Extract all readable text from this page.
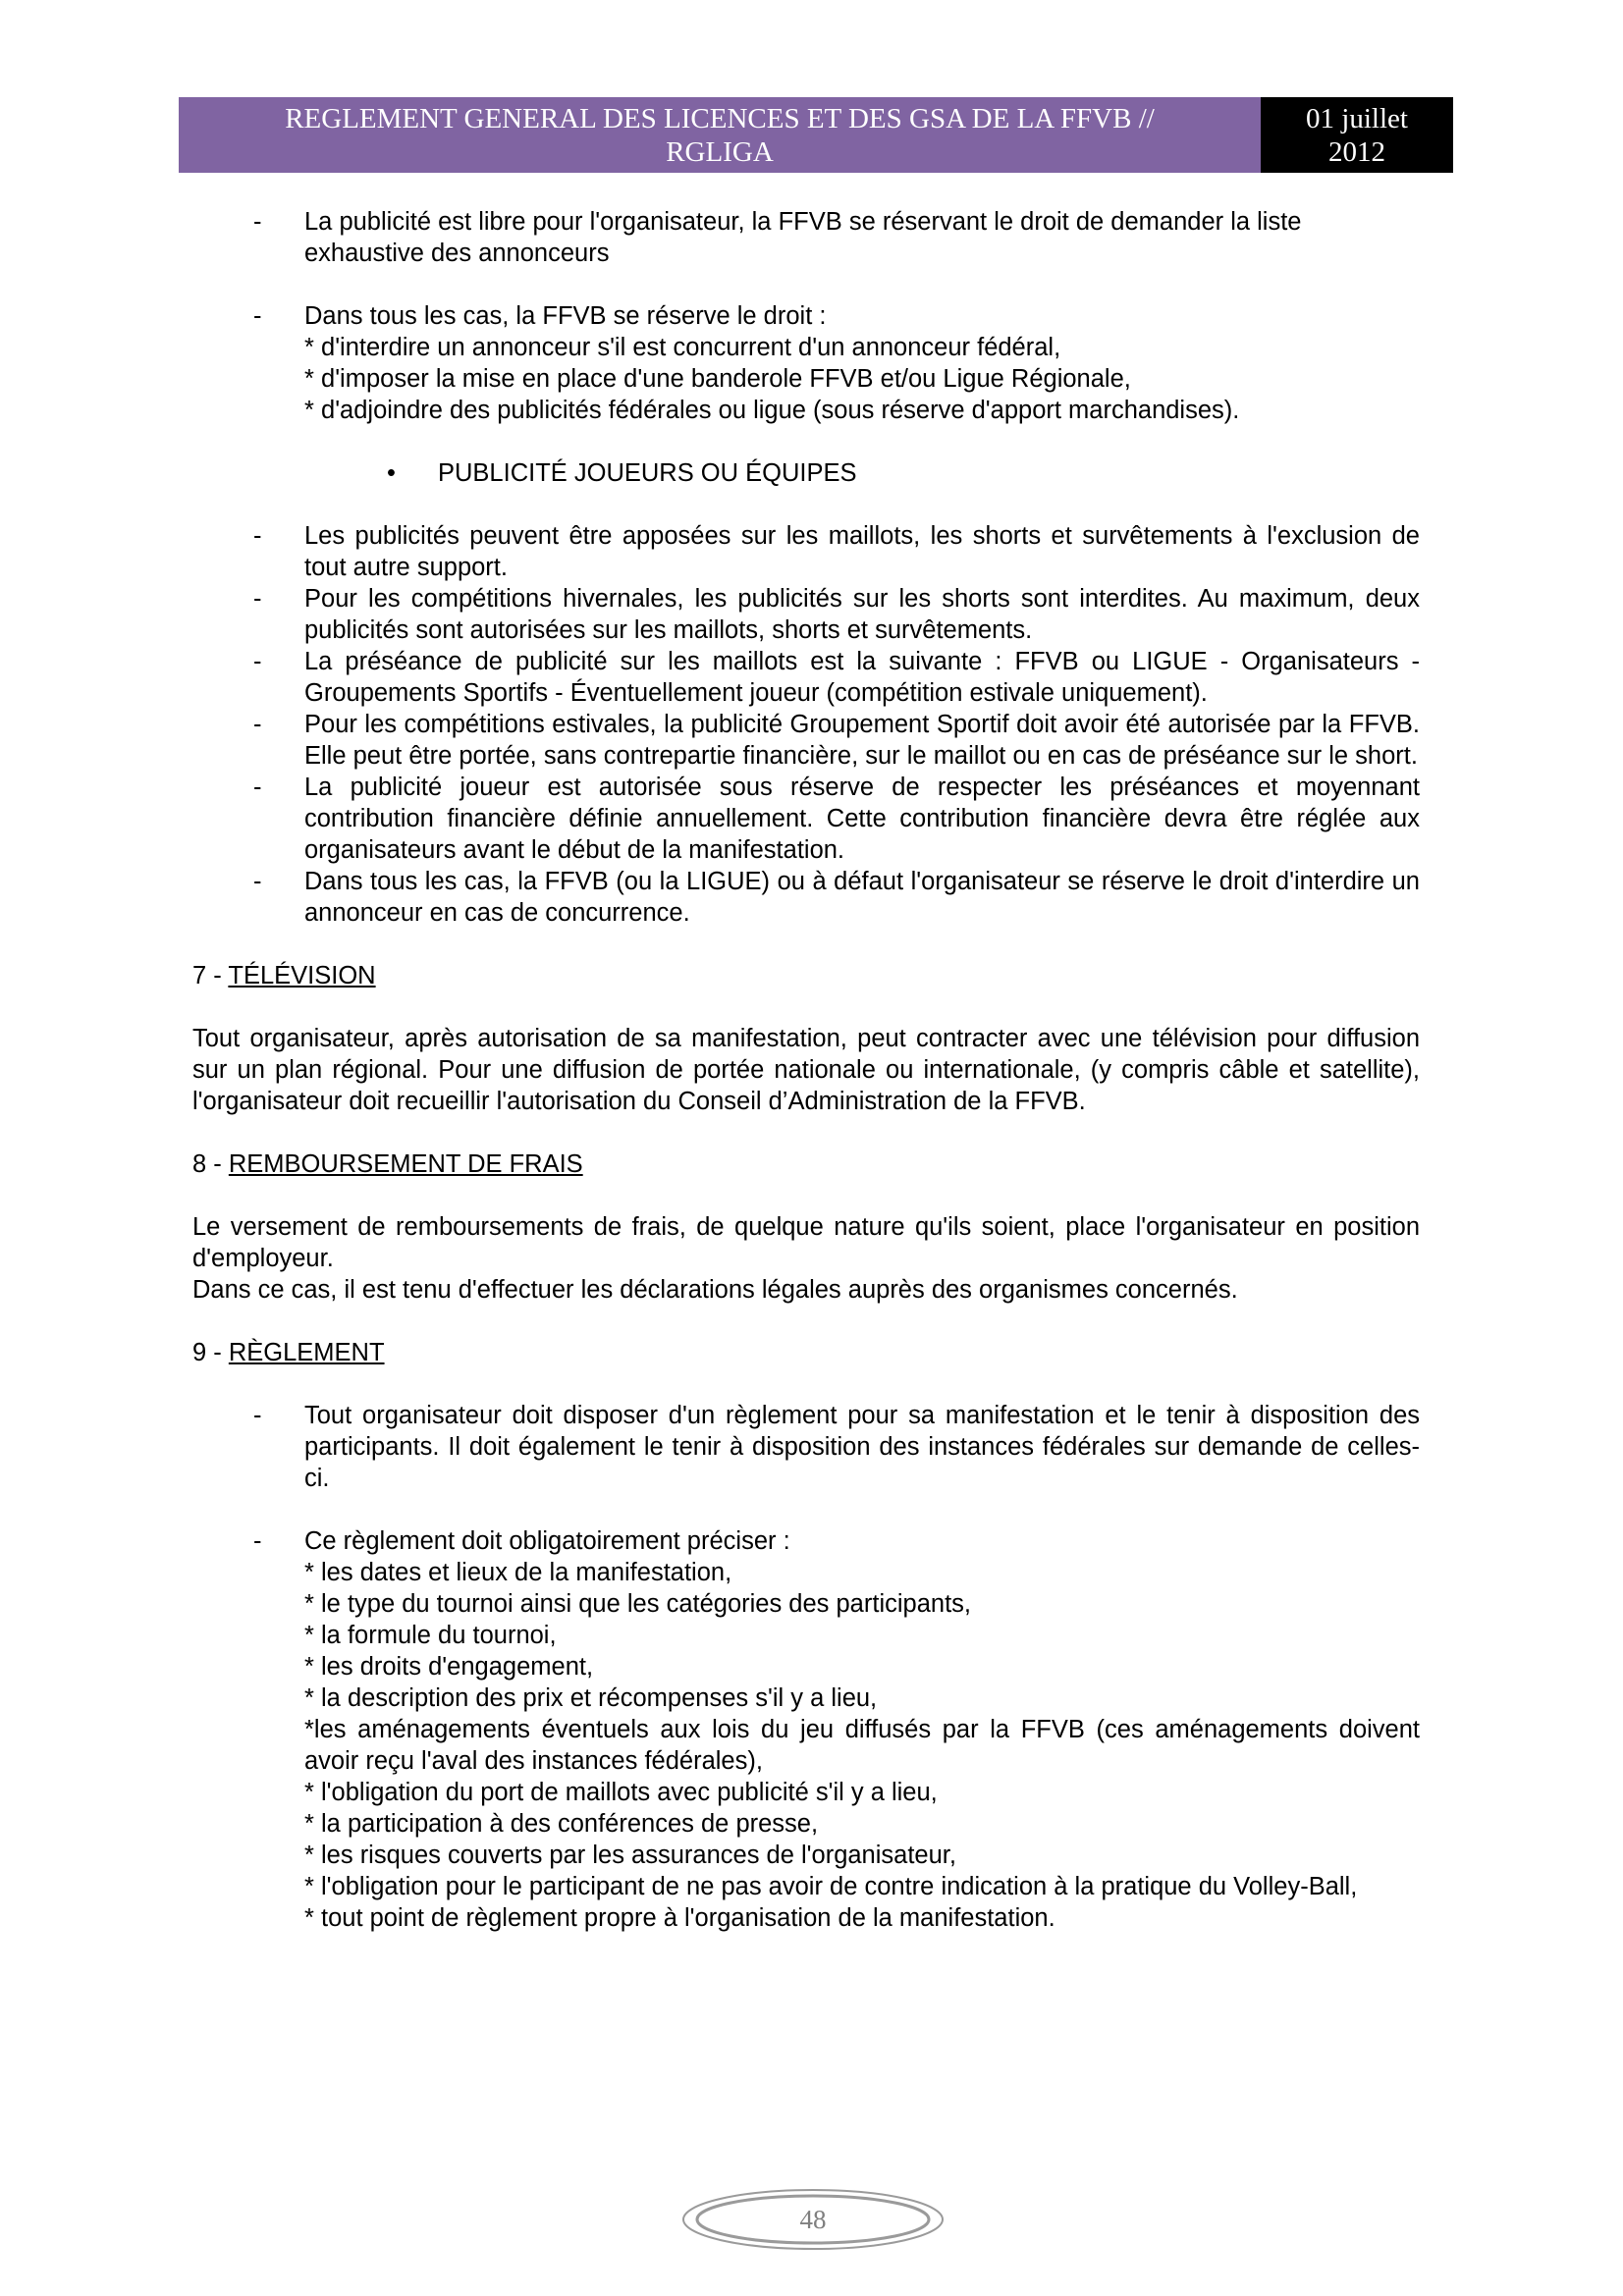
REGLEMENT GENERAL DES LICENCES ET DES GSA DE LA FFVB //
RGLIGA
01 juillet
2012
-	La publicité est libre pour l'organisateur, la FFVB se réservant le droit de demander la liste
exhaustive des annonceurs
-	Dans tous les cas, la FFVB se réserve le droit :
* d'interdire un annonceur s'il est concurrent d'un annonceur fédéral,
* d'imposer la mise en place d'une banderole FFVB et/ou Ligue Régionale,
* d'adjoindre des publicités fédérales ou ligue (sous réserve d'apport marchandises).
•	PUBLICITÉ JOUEURS OU ÉQUIPES
-	Les publicités peuvent être apposées sur les maillots, les shorts et survêtements à l'exclusion de tout autre support.

-	Pour les compétitions hivernales, les publicités sur les shorts sont interdites. Au maximum, deux publicités sont autorisées sur les maillots, shorts et survêtements.

-	La préséance de publicité sur les maillots est la suivante : FFVB ou LIGUE - Organisateurs - Groupements Sportifs - Éventuellement joueur (compétition estivale uniquement).

-	Pour les compétitions estivales, la publicité Groupement Sportif doit avoir été autorisée par la FFVB. Elle peut être portée, sans contrepartie financière, sur le maillot ou en cas de préséance sur le short.

-	La publicité joueur est autorisée sous réserve de respecter les préséances et moyennant contribution financière définie annuellement. Cette contribution financière devra être réglée aux organisateurs avant le début de la manifestation.

-	Dans tous les cas, la FFVB (ou la LIGUE) ou à défaut l'organisateur se réserve le droit d'interdire un annonceur en cas de concurrence.

7 - TÉLÉVISION

Tout organisateur, après autorisation de sa manifestation, peut contracter avec une télévision pour diffusion sur un plan régional. Pour une diffusion de portée nationale ou internationale, (y compris câble et satellite), l'organisateur doit recueillir l'autorisation du Conseil d’Administration de la FFVB.

8 - REMBOURSEMENT DE FRAIS

Le versement de remboursements de frais, de quelque nature qu'ils soient, place l'organisateur en position d'employeur.

Dans ce cas, il est tenu d'effectuer les déclarations légales auprès des organismes concernés.

9 - RÈGLEMENT

-	Tout organisateur doit disposer d'un règlement pour sa manifestation et le tenir à disposition des participants. Il doit également le tenir à disposition des instances fédérales sur demande de celles-ci.

-	Ce règlement doit obligatoirement préciser :
* les dates et lieux de la manifestation,
* le type du tournoi ainsi que les catégories des participants,
* la formule du tournoi,
* les droits d'engagement,
* la description des prix et récompenses s'il y a lieu,
*les aménagements éventuels aux lois du jeu diffusés par la FFVB (ces aménagements doivent avoir reçu l'aval des instances fédérales),
* l'obligation du port de maillots avec publicité s'il y a lieu,
* la participation à des conférences de presse,
* les risques couverts par les assurances de l'organisateur,
* l'obligation pour le participant de ne pas avoir de contre indication à la pratique du Volley-Ball,
* tout point de règlement propre à l'organisation de la manifestation.
48
